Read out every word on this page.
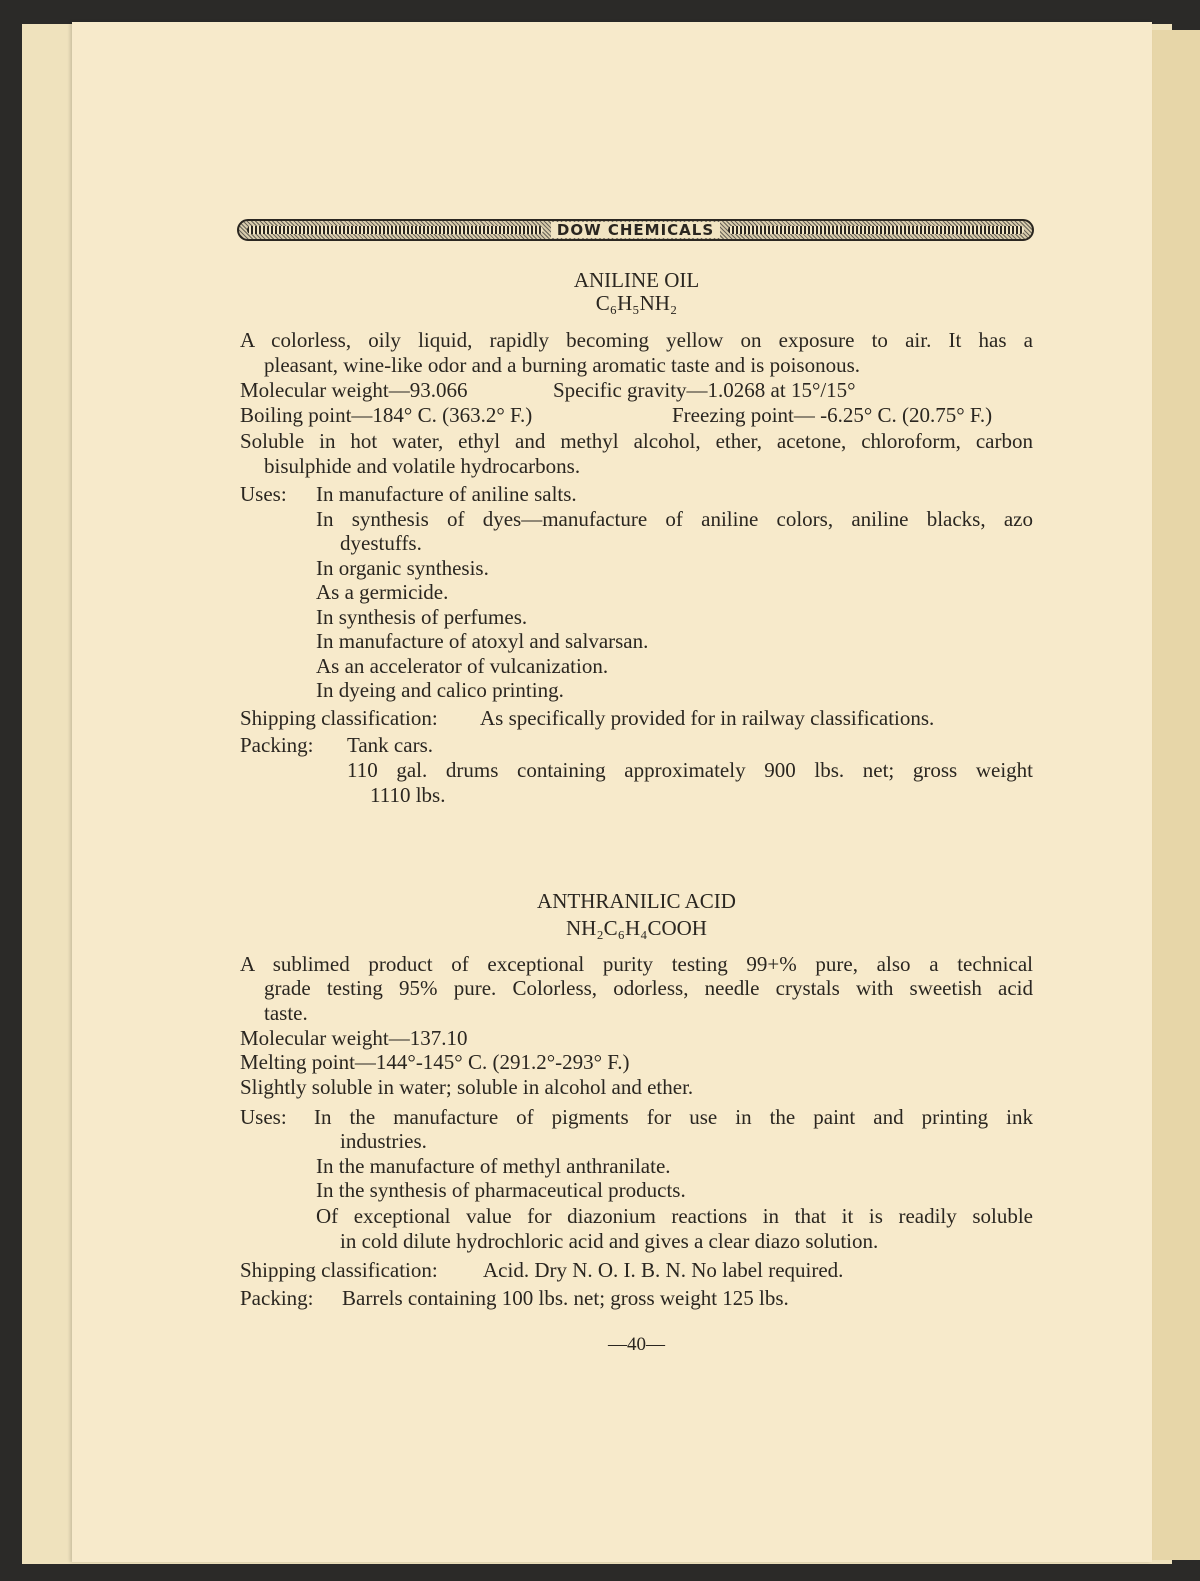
DOW CHEMICALS
ANILINE OIL
C₆H₅NH₂
A colorless, oily liquid, rapidly becoming yellow on exposure to air. It has a
pleasant, wine-like odor and a burning aromatic taste and is poisonous.
Molecular weight—93.066	Specific gravity—1.0268 at 15°/15°
Boiling point—184° C. (363.2° F.)	Freezing point— -6.25° C. (20.75° F.)
Soluble in hot water, ethyl and methyl alcohol, ether, acetone, chloroform, carbon
bisulphide and volatile hydrocarbons.
Uses: In manufacture of aniline salts.
In synthesis of dyes—manufacture of aniline colors, aniline blacks, azo
dyestuffs.
In organic synthesis.
As a germicide.
In synthesis of perfumes.
In manufacture of atoxyl and salvarsan.
As an accelerator of vulcanization.
In dyeing and calico printing.
Shipping classification: As specifically provided for in railway classifications.
Packing: Tank cars.
110 gal. drums containing approximately 900 lbs. net; gross weight
1110 lbs.
ANTHRANILIC ACID
NH₂C₆H₄COOH
A sublimed product of exceptional purity testing 99+% pure, also a technical
grade testing 95% pure. Colorless, odorless, needle crystals with sweetish acid
taste.
Molecular weight—137.10
Melting point—144°-145° C. (291.2°-293° F.)
Slightly soluble in water; soluble in alcohol and ether.
Uses: In the manufacture of pigments for use in the paint and printing ink
industries.
In the manufacture of methyl anthranilate.
In the synthesis of pharmaceutical products.
Of exceptional value for diazonium reactions in that it is readily soluble
in cold dilute hydrochloric acid and gives a clear diazo solution.
Shipping classification: Acid. Dry N. O. I. B. N. No label required.
Packing: Barrels containing 100 lbs. net; gross weight 125 lbs.
—40—
